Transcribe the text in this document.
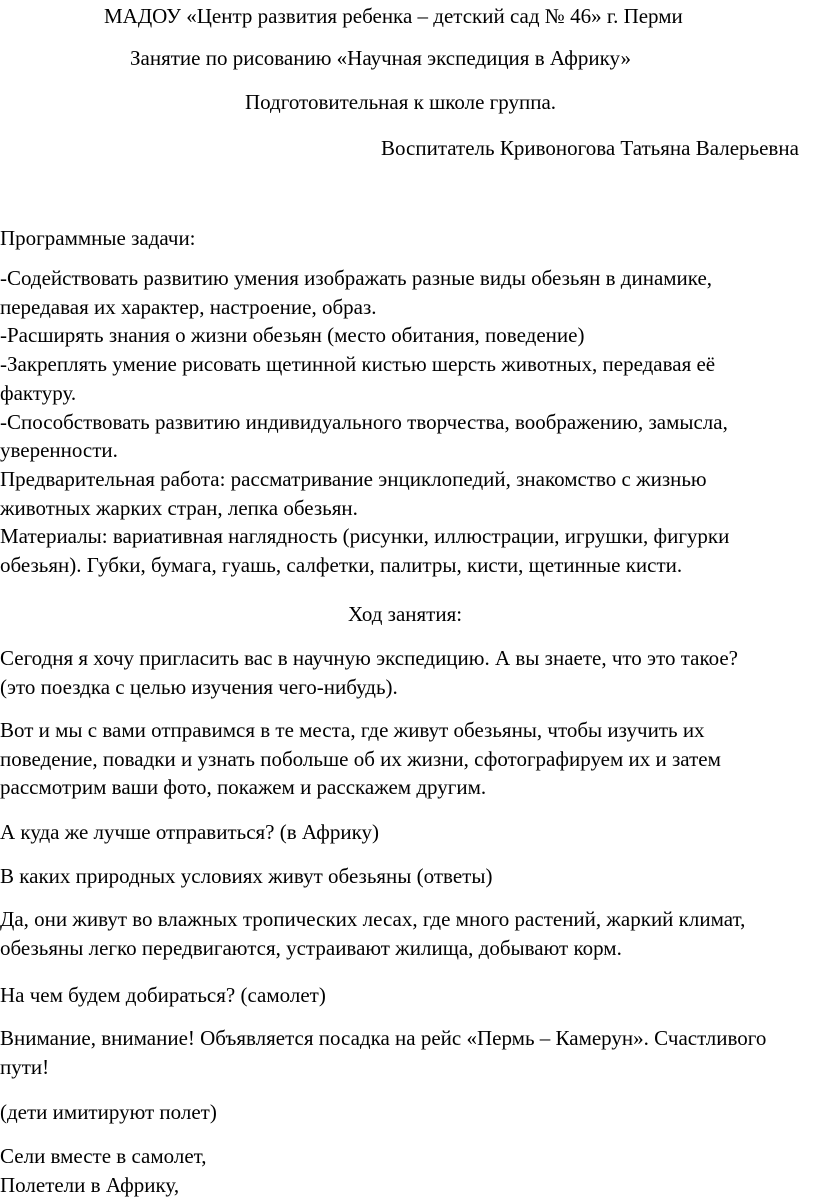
МАДОУ «Центр развития ребенка – детский сад № 46» г. Перми
Занятие по рисованию «Научная экспедиция в Африку»
Подготовительная к школе группа.
Воспитатель Кривоногова Татьяна Валерьевна
Программные задачи:
-Содействовать развитию умения изображать разные виды обезьян в динамике,
передавая их характер, настроение, образ.
-Расширять знания о жизни обезьян (место обитания, поведение)
-Закреплять умение рисовать щетинной кистью шерсть животных, передавая её
фактуру.
-Способствовать развитию индивидуального творчества, воображению, замысла,
уверенности.
Предварительная работа: рассматривание энциклопедий, знакомство с жизнью
животных жарких стран, лепка обезьян.
Материалы: вариативная наглядность (рисунки, иллюстрации, игрушки, фигурки
обезьян). Губки, бумага, гуашь, салфетки, палитры, кисти, щетинные кисти.
Ход занятия:
Сегодня я хочу пригласить вас в научную экспедицию. А вы знаете, что это такое?
(это поездка с целью изучения чего-нибудь).
Вот и мы с вами отправимся в те места, где живут обезьяны, чтобы изучить их
поведение, повадки и узнать побольше об их жизни, сфотографируем их и затем
рассмотрим ваши фото, покажем и расскажем другим.
А куда же лучше отправиться? (в Африку)
В каких природных условиях живут обезьяны (ответы)
Да, они живут во влажных тропических лесах, где много растений, жаркий климат,
обезьяны легко передвигаются, устраивают жилища, добывают корм.
На чем будем добираться? (самолет)
Внимание, внимание! Объявляется посадка на рейс «Пермь – Камерун». Счастливого
пути!
(дети имитируют полет)
Сели вместе в самолет,
Полетели в Африку,
